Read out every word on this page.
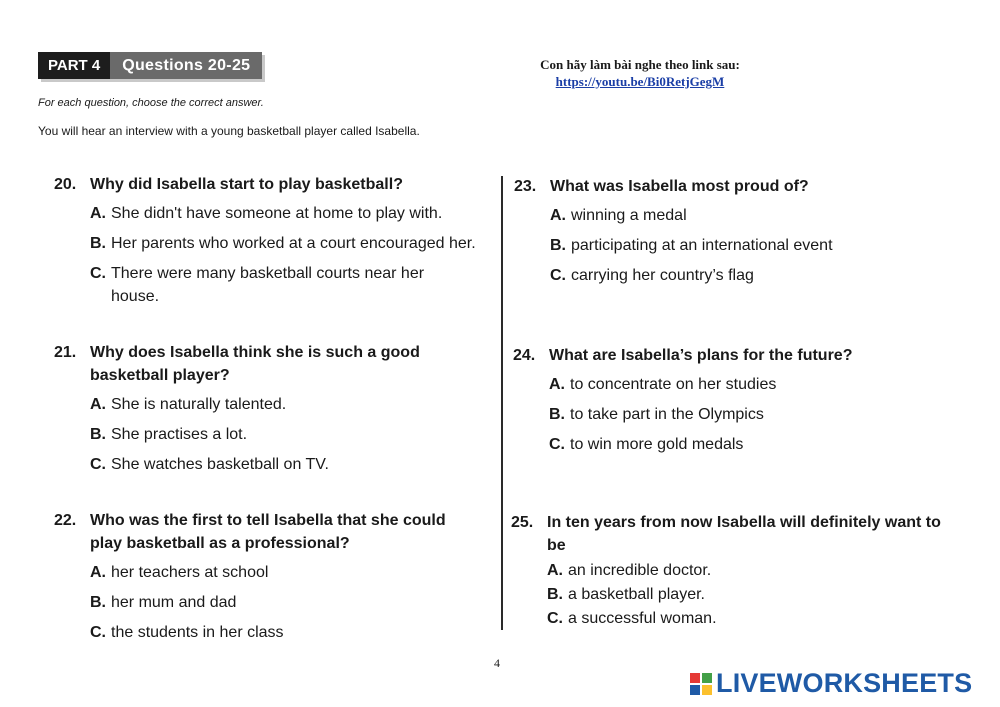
PART 4	Questions 20-25	Con hãy làm bài nghe theo link sau:
https://youtu.be/Bi0RetjGegM
For each question, choose the correct answer.
You will hear an interview with a young basketball player called Isabella.
20. Why did Isabella start to play basketball?
A. She didn't have someone at home to play with.
B. Her parents who worked at a court encouraged her.
C. There were many basketball courts near her house.
21. Why does Isabella think she is such a good basketball player?
A. She is naturally talented.
B. She practises a lot.
C. She watches basketball on TV.
22. Who was the first to tell Isabella that she could play basketball as a professional?
A. her teachers at school
B. her mum and dad
C. the students in her class
23. What was Isabella most proud of?
A. winning a medal
B. participating at an international event
C. carrying her country’s flag
24. What are Isabella’s plans for the future?
A. to concentrate on her studies
B. to take part in the Olympics
C. to win more gold medals
25. In ten years from now Isabella will definitely want to be
A. an incredible doctor.
B. a basketball player.
C. a successful woman.
4
LIVEWORKSHEETS
